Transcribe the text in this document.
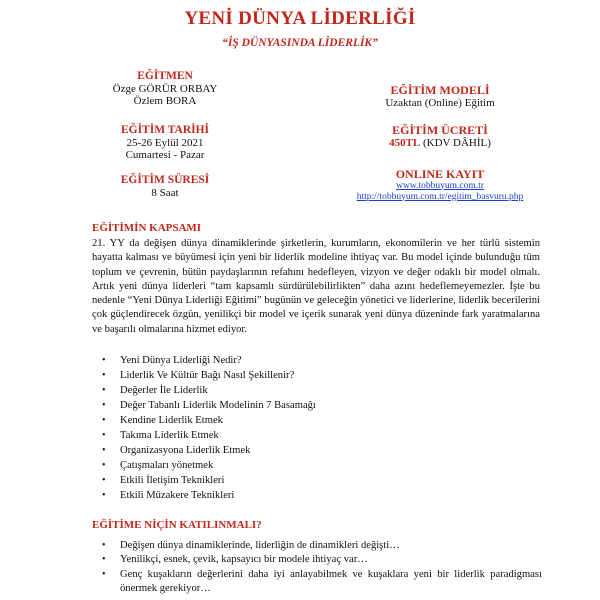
YENİ DÜNYA LİDERLİĞİ
“İŞ DÜNYASINDA LİDERLİK”
EĞİTMEN
Özge GÖRÜR ORBAY
Özlem BORA
EĞİTİM TARİHİ
25-26 Eylül 2021
Cumartesi - Pazar
EĞİTİM SÜRESİ
8 Saat
EĞİTİM MODELİ
Uzaktan (Online) Eğitim
EĞİTİM ÜCRETİ
450TL (KDV DÂHİL)
ONLINE KAYIT
www.tobbuyum.com.tr
http://tobbuyum.com.tr/egitim_basvuru.php
EĞİTİMİN KAPSAMI

21. YY da değişen dünya dinamiklerinde şirketlerin, kurumların, ekonomilerin ve her türlü sistemin hayatta kalması ve büyümesi için yeni bir liderlik modeline ihtiyaç var. Bu model içinde bulunduğu tüm toplum ve çevrenin, bütün paydaşlarının refahını hedefleyen, vizyon ve değer odaklı bir model olmalı. Artık yeni dünya liderleri “tam kapsamlı sürdürülebilirlikten” daha azını hedeflemeyemezler. İşte bu nedenle “Yeni Dünya Liderliği Eğitimi” bugünün ve geleceğin yönetici ve liderlerine, liderlik becerilerini çok güçlendirecek özgün, yenilikçi bir model ve içerik sunarak yeni dünya düzeninde fark yaratmalarına ve başarılı olmalarına hizmet ediyor.

• Yeni Dünya Liderliği Nedir?
• Liderlik Ve Kültür Bağı Nasıl Şekillenir?
• Değerler İle Liderlik
• Değer Tabanlı Liderlik Modelinin 7 Basamağı
• Kendine Liderlik Etmek
• Takıma Liderlik Etmek
• Organizasyona Liderlik Etmek
• Çatışmaları yönetmek
• Etkili İletişim Teknikleri
• Etkili Müzakere Teknikleri
EĞİTİME NİÇİN KATILINMALI?
• Değişen dünya dinamiklerinde, liderliğin de dinamikleri değişti…
• Yenilikçi, esnek, çevik, kapsayıcı bir modele ihtiyaç var…
• Genç kuşakların değerlerini daha iyi anlayabilmek ve kuşaklara yeni bir liderlik paradigması önermek gerekiyor…
